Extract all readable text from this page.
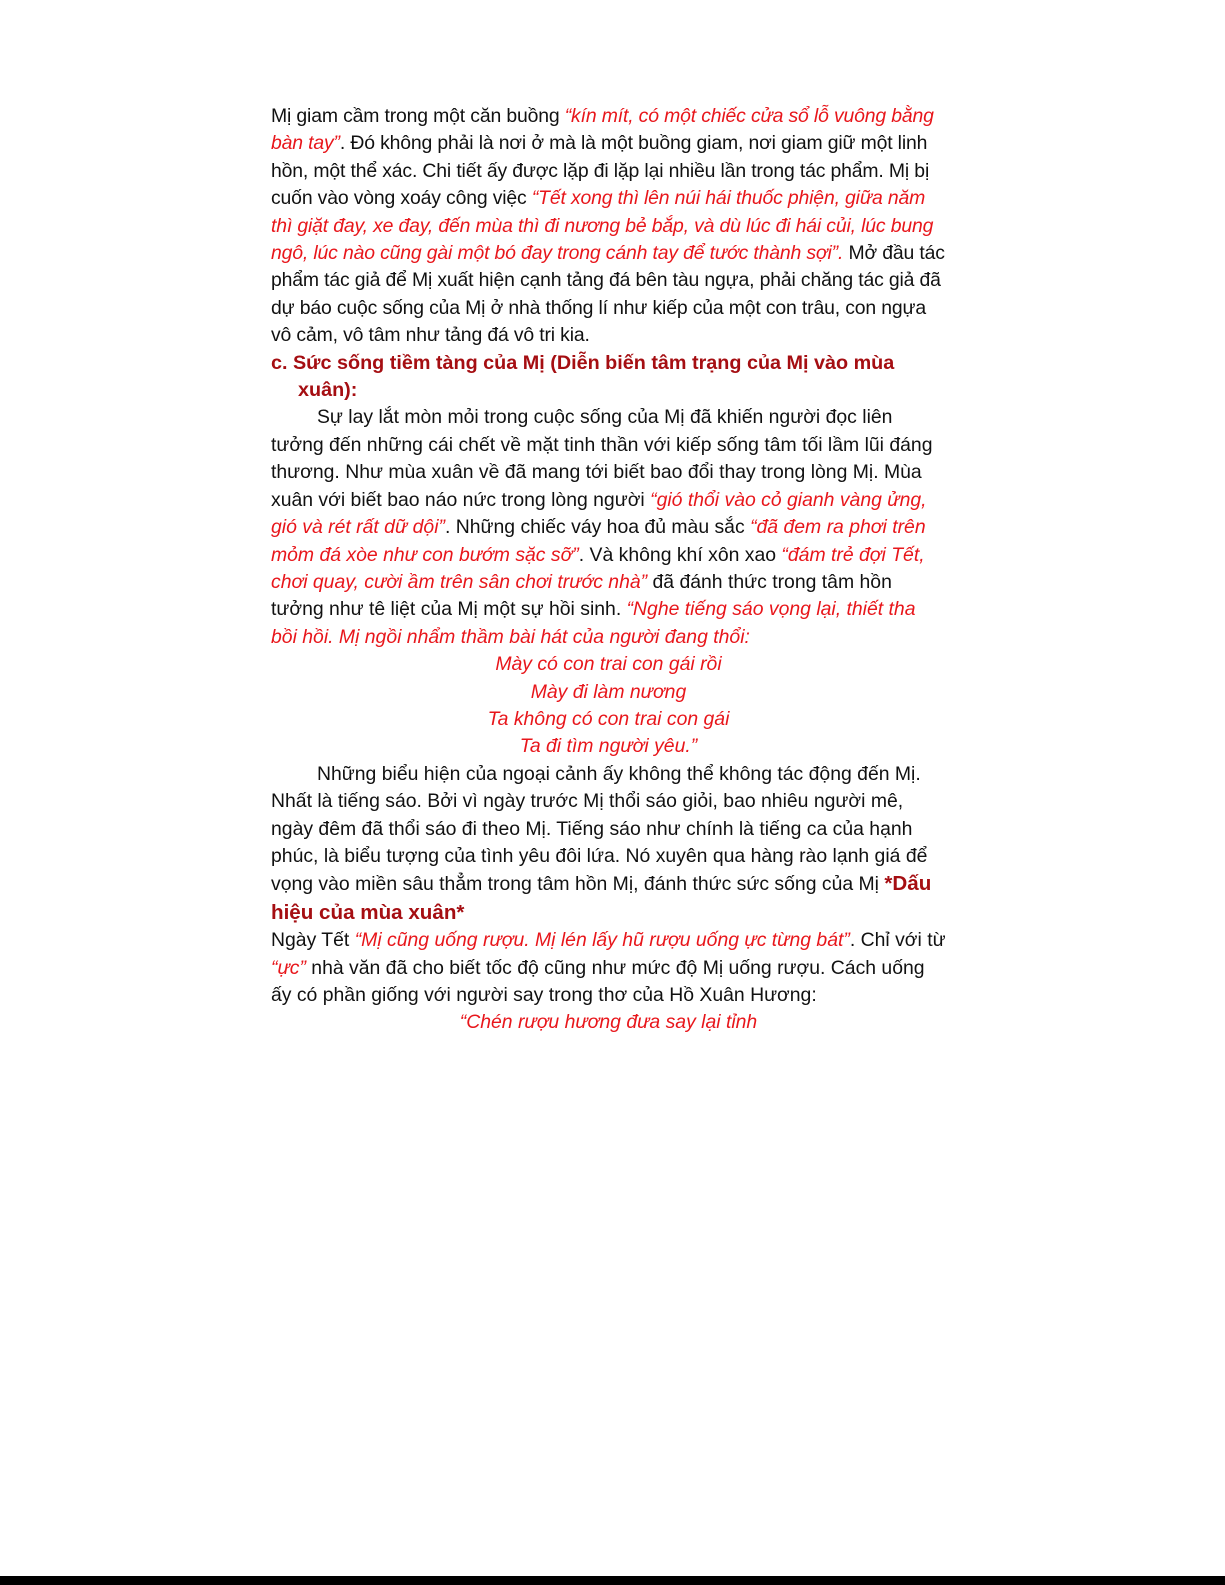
Mị giam cầm trong một căn buồng “kín mít, có một chiếc cửa sổ lỗ vuông bằng bàn tay”. Đó không phải là nơi ở mà là một buồng giam, nơi giam giữ một linh hồn, một thể xác. Chi tiết ấy được lặp đi lặp lại nhiều lần trong tác phẩm. Mị bị cuốn vào vòng xoáy công việc “Tết xong thì lên núi hái thuốc phiện, giữa năm thì giặt đay, xe đay, đến mùa thì đi nương bẻ bắp, và dù lúc đi hái củi, lúc bung ngô, lúc nào cũng gài một bó đay trong cánh tay để tước thành sợi”. Mở đầu tác phẩm tác giả để Mị xuất hiện cạnh tảng đá bên tàu ngựa, phải chăng tác giả đã dự báo cuộc sống của Mị ở nhà thống lí như kiếp của một con trâu, con ngựa vô cảm, vô tâm như tảng đá vô tri kia.

c. Sức sống tiềm tàng của Mị (Diễn biến tâm trạng của Mị vào mùa xuân):

Sự lay lắt mòn mỏi trong cuộc sống của Mị đã khiến người đọc liên tưởng đến những cái chết về mặt tinh thần với kiếp sống tâm tối lầm lũi đáng thương. Như mùa xuân về đã mang tới biết bao đổi thay trong lòng Mị. Mùa xuân với biết bao náo nức trong lòng người “gió thổi vào cỏ gianh vàng ửng, gió và rét rất dữ dội”. Những chiếc váy hoa đủ màu sắc “đã đem ra phơi trên mỏm đá xòe như con bướm sặc sỡ”. Và không khí xôn xao “đám trẻ đợi Tết, chơi quay, cười ầm trên sân chơi trước nhà” đã đánh thức trong tâm hồn tưởng như tê liệt của Mị một sự hồi sinh. “Nghe tiếng sáo vọng lại, thiết tha bồi hồi. Mị ngồi nhẩm thầm bài hát của người đang thổi:

Mày có con trai con gái rồi
Mày đi làm nương
Ta không có con trai con gái
Ta đi tìm người yêu.”

Những biểu hiện của ngoại cảnh ấy không thể không tác động đến Mị. Nhất là tiếng sáo. Bởi vì ngày trước Mị thổi sáo giỏi, bao nhiêu người mê, ngày đêm đã thổi sáo đi theo Mị. Tiếng sáo như chính là tiếng ca của hạnh phúc, là biểu tượng của tình yêu đôi lứa. Nó xuyên qua hàng rào lạnh giá để vọng vào miền sâu thẳm trong tâm hồn Mị, đánh thức sức sống của Mị *Dấu hiệu của mùa xuân*

Ngày Tết “Mị cũng uống rượu. Mị lén lấy hũ rượu uống ực từng bát”. Chỉ với từ “ực” nhà văn đã cho biết tốc độ cũng như mức độ Mị uống rượu. Cách uống ấy có phần giống với người say trong thơ của Hồ Xuân Hương:

“Chén rượu hương đưa say lại tỉnh
